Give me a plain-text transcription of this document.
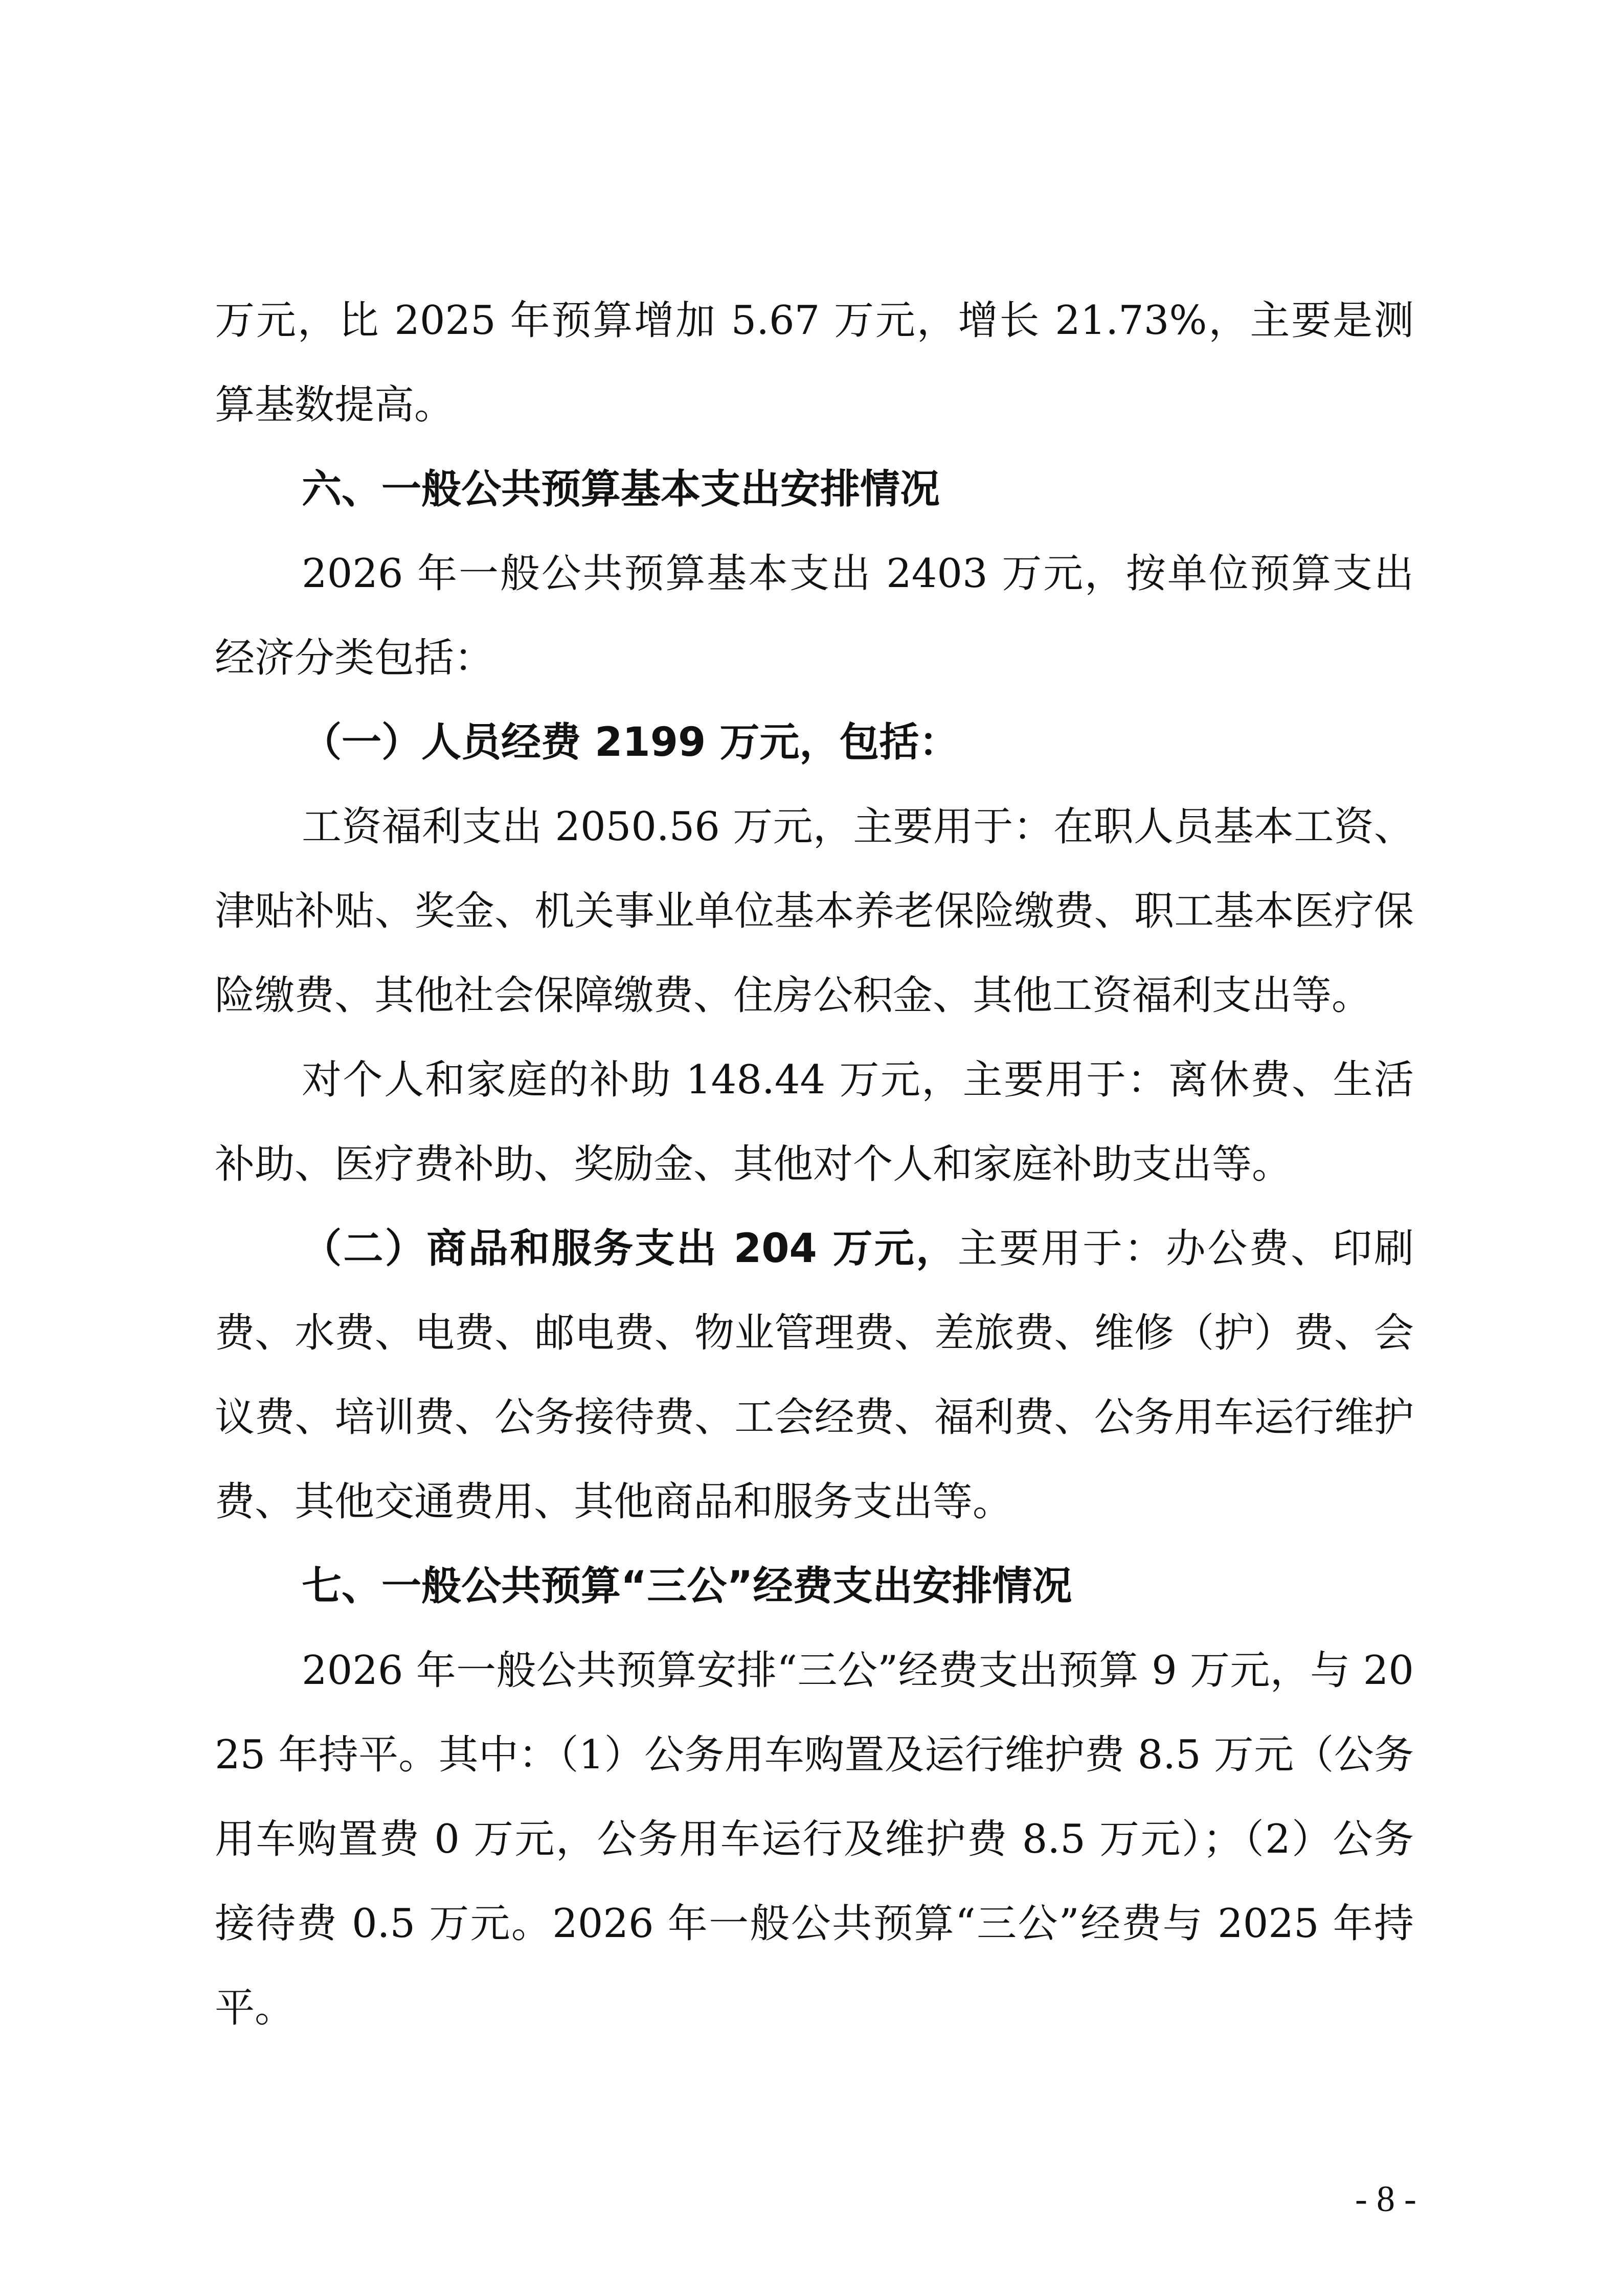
万元，比 2025 年预算增加 5.67 万元，增长 21.73%，主要是测算基数提高。

六、一般公共预算基本支出安排情况

2026 年一般公共预算基本支出 2403 万元，按单位预算支出经济分类包括：

（一）人员经费 2199 万元，包括：

工资福利支出 2050.56 万元，主要用于：在职人员基本工资、津贴补贴、奖金、机关事业单位基本养老保险缴费、职工基本医疗保险缴费、其他社会保障缴费、住房公积金、其他工资福利支出等。

对个人和家庭的补助 148.44 万元，主要用于：离休费、生活补助、医疗费补助、奖励金、其他对个人和家庭补助支出等。

（二）商品和服务支出 204 万元，主要用于：办公费、印刷费、水费、电费、邮电费、物业管理费、差旅费、维修（护）费、会议费、培训费、公务接待费、工会经费、福利费、公务用车运行维护费、其他交通费用、其他商品和服务支出等。

七、一般公共预算“三公”经费支出安排情况

2026 年一般公共预算安排“三公”经费支出预算 9 万元，与 2025 年持平。其中：（1）公务用车购置及运行维护费 8.5 万元（公务用车购置费 0 万元，公务用车运行及维护费 8.5 万元）；（2）公务接待费 0.5 万元。2026 年一般公共预算“三公”经费与 2025 年持平。

- 8 -
